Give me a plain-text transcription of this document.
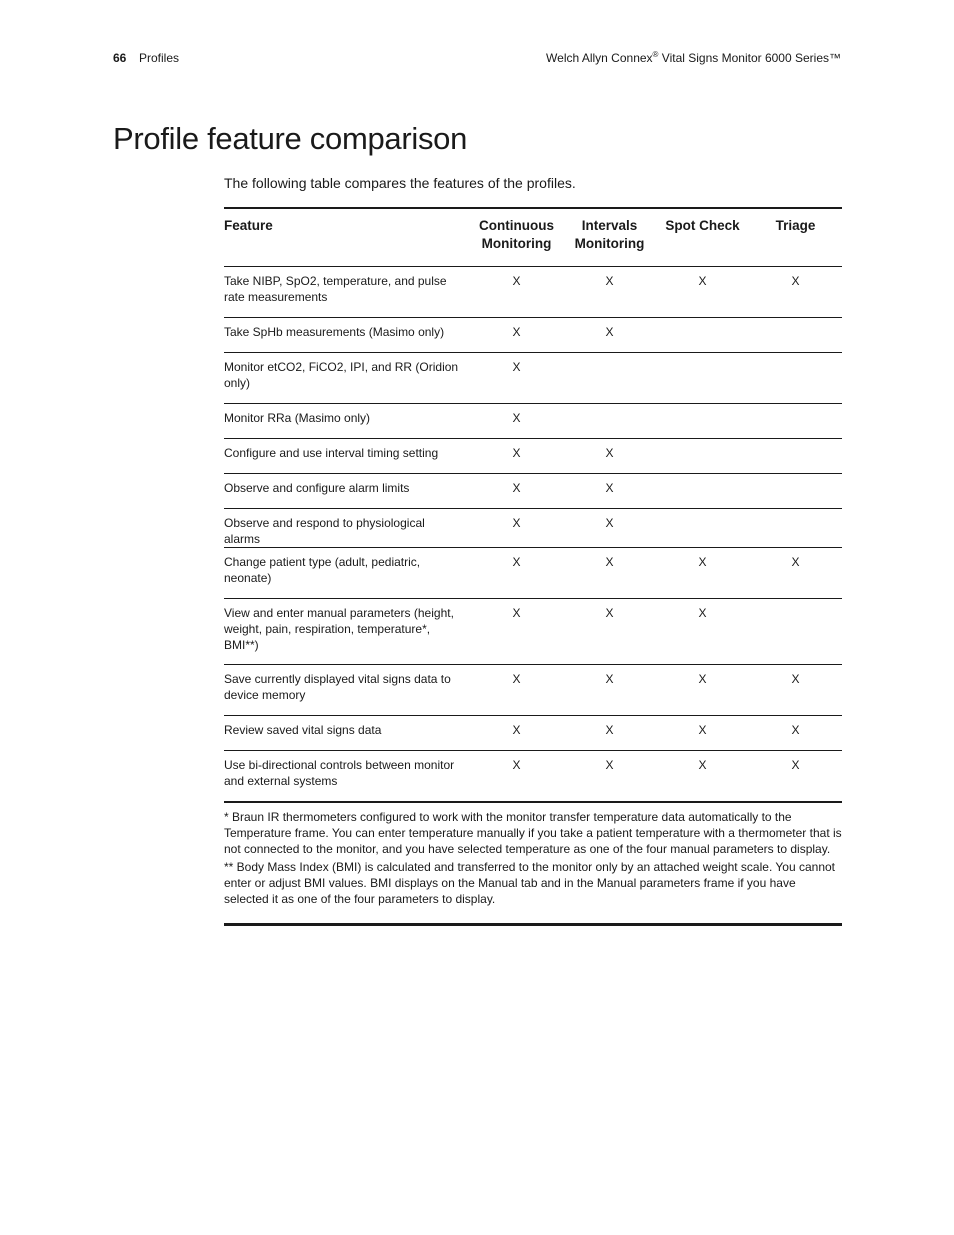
66 Profiles	Welch Allyn Connex® Vital Signs Monitor 6000 Series™
Profile feature comparison

The following table compares the features of the profiles.

Feature	Continuous Monitoring	Intervals Monitoring	Spot Check	Triage
Take NIBP, SpO2, temperature, and pulse rate measurements	X	X	X	X
Take SpHb measurements (Masimo only)	X	X		
Monitor etCO2, FiCO2, IPI, and RR (Oridion only)	X			
Monitor RRa (Masimo only)	X			
Configure and use interval timing setting	X	X		
Observe and configure alarm limits	X	X		
Observe and respond to physiological alarms	X	X		
Change patient type (adult, pediatric, neonate)	X	X	X	X
View and enter manual parameters (height, weight, pain, respiration, temperature*, BMI**)	X	X	X	
Save currently displayed vital signs data to device memory	X	X	X	X
Review saved vital signs data	X	X	X	X
Use bi-directional controls between monitor and external systems	X	X	X	X

* Braun IR thermometers configured to work with the monitor transfer temperature data automatically to the Temperature frame. You can enter temperature manually if you take a patient temperature with a thermometer that is not connected to the monitor, and you have selected temperature as one of the four manual parameters to display.

** Body Mass Index (BMI) is calculated and transferred to the monitor only by an attached weight scale. You cannot enter or adjust BMI values. BMI displays on the Manual tab and in the Manual parameters frame if you have selected it as one of the four parameters to display.
